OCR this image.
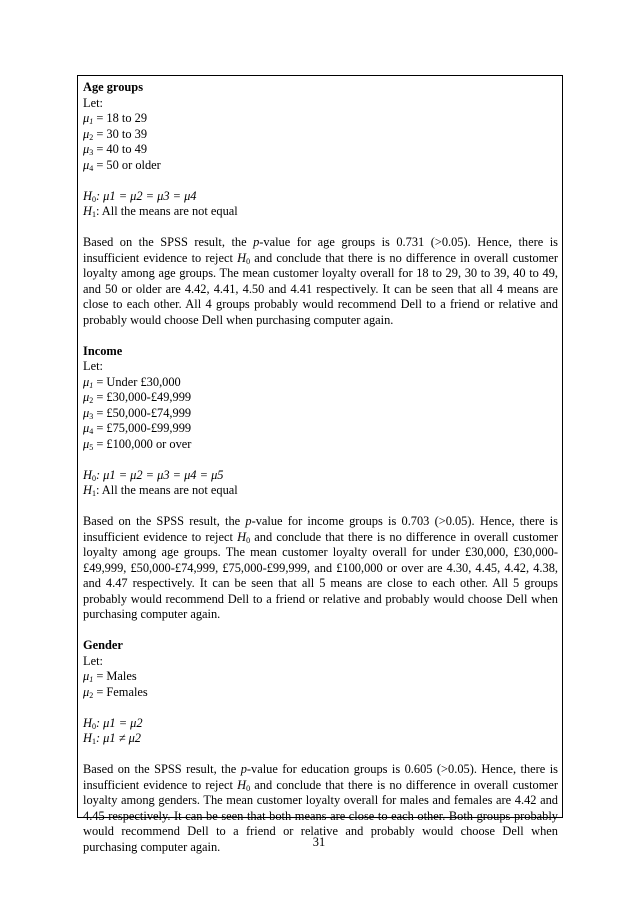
Age groups

Let:

$\mu_1 = 18$ to 29

$\mu_2 = 30$ to 39

$\mu_3 = 40$ to 49

$\mu_4 = 50$ or older

$H_0$: μ1 = μ2 = μ3 = μ4

$H_1$: All the means are not equal

Based on the SPSS result, the p-value for age groups is 0.731 (>0.05). Hence, there is insufficient evidence to reject $H_0$ and conclude that there is no difference in overall customer loyalty among age groups. The mean customer loyalty overall for 18 to 29, 30 to 39, 40 to 49, and 50 or older are 4.42, 4.41, 4.50 and 4.41 respectively. It can be seen that all 4 means are close to each other. All 4 groups probably would recommend Dell to a friend or relative and probably would choose Dell when purchasing computer again.

Income

Let:

$\mu_1$ = Under £30,000

$\mu_2$ = £30,000-£49,999

$\mu_3$ = £50,000-£74,999

$\mu_4$ = £75,000-£99,999

$\mu_5$ = £100,000 or over

$H_0$: μ1 = μ2 = μ3 = μ4 = μ5

$H_1$: All the means are not equal

Based on the SPSS result, the p-value for income groups is 0.703 (>0.05). Hence, there is insufficient evidence to reject $H_0$ and conclude that there is no difference in overall customer loyalty among age groups. The mean customer loyalty overall for under £30,000, £30,000-£49,999, £50,000-£74,999, £75,000-£99,999, and £100,000 or over are 4.30, 4.45, 4.42, 4.38, and 4.47 respectively. It can be seen that all 5 means are close to each other. All 5 groups probably would recommend Dell to a friend or relative and probably would choose Dell when purchasing computer again.

Gender

Let:

$\mu_1$ = Males

$\mu_2$ = Females

$H_0$: μ1 = μ2

$H_1$: μ1 ≠ μ2

Based on the SPSS result, the p-value for education groups is 0.605 (>0.05). Hence, there is insufficient evidence to reject $H_0$ and conclude that there is no difference in overall customer loyalty among genders. The mean customer loyalty overall for males and females are 4.42 and 4.45 respectively. It can be seen that both means are close to each other. Both groups probably would recommend Dell to a friend or relative and probably would choose Dell when purchasing computer again.	31
